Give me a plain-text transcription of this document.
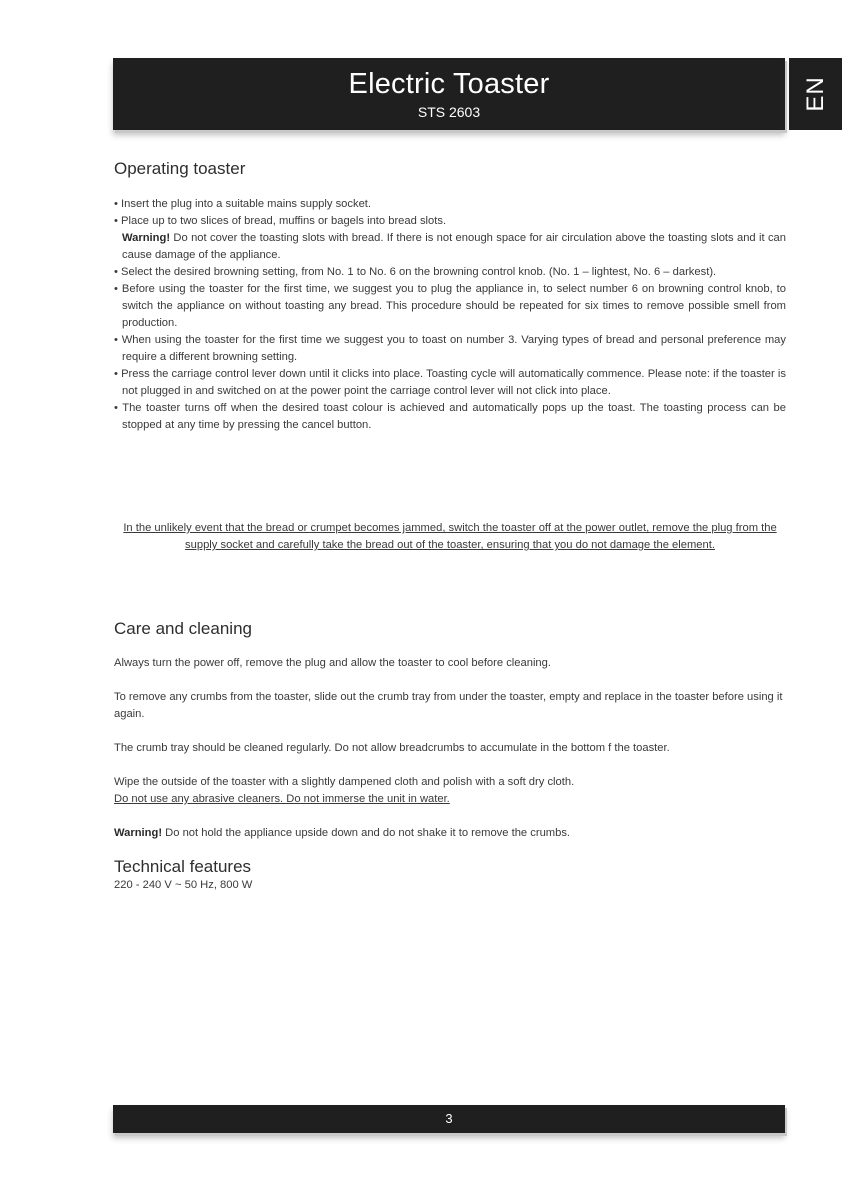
Electric Toaster
STS 2603
EN
Operating toaster
• Insert the plug into a suitable mains supply socket.
• Place up to two slices of bread, muffins or bagels into bread slots.
Warning! Do not cover the toasting slots with bread. If there is not enough space for air circulation above the toasting slots and it can cause damage of the appliance.
• Select the desired browning setting, from No. 1 to No. 6 on the browning control knob. (No. 1 – lightest, No. 6 – darkest).
• Before using the toaster for the first time, we suggest you to plug the appliance in, to select number 6 on browning control knob, to switch the appliance on without toasting any bread. This procedure should be repeated for six times to remove possible smell from production.
• When using the toaster for the first time we suggest you to toast on number 3. Varying types of bread and personal preference may require a different browning setting.
• Press the carriage control lever down until it clicks into place. Toasting cycle will automatically commence. Please note: if the toaster is not plugged in and switched on at the power point the carriage control lever will not click into place.
• The toaster turns off when the desired toast colour is achieved and automatically pops up the toast. The toasting process can be stopped at any time by pressing the cancel button.
In the unlikely event that the bread or crumpet becomes jammed, switch the toaster off at the power outlet, remove the plug from the supply socket and carefully take the bread out of the toaster, ensuring that you do not damage the element.
Care and cleaning
Always turn the power off, remove the plug and allow the toaster to cool before cleaning.
To remove any crumbs from the toaster, slide out the crumb tray from under the toaster, empty and replace in the toaster before using it again.
The crumb tray should be cleaned regularly. Do not allow breadcrumbs to accumulate in the bottom f the toaster.
Wipe the outside of the toaster with a slightly dampened cloth and polish with a soft dry cloth.
Do not use any abrasive cleaners. Do not immerse the unit in water.
Warning! Do not hold the appliance upside down and do not shake it to remove the crumbs.
Technical features
220 - 240 V ~ 50 Hz, 800 W
3
